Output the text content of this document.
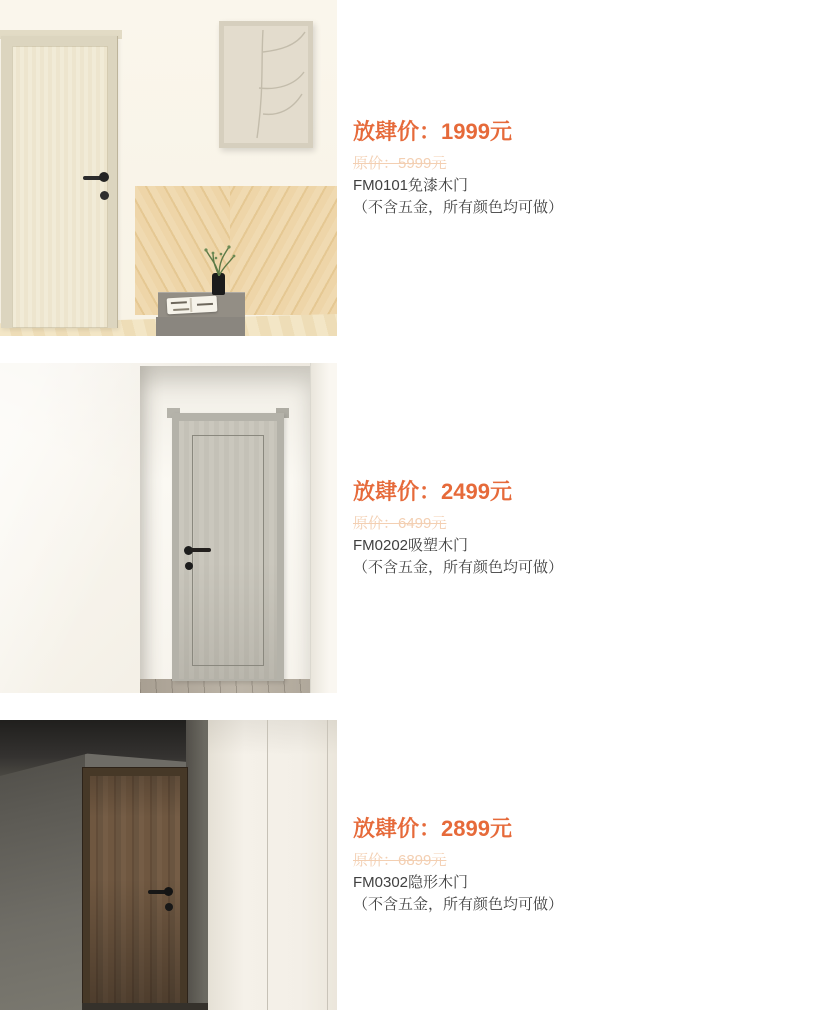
放肆价：1999元
原价：5999元
FM0101免漆木门
（不含五金，所有颜色均可做）
放肆价：2499元
原价：6499元
FM0202吸塑木门
（不含五金，所有颜色均可做）
放肆价：2899元
原价：6899元
FM0302隐形木门
（不含五金，所有颜色均可做）
